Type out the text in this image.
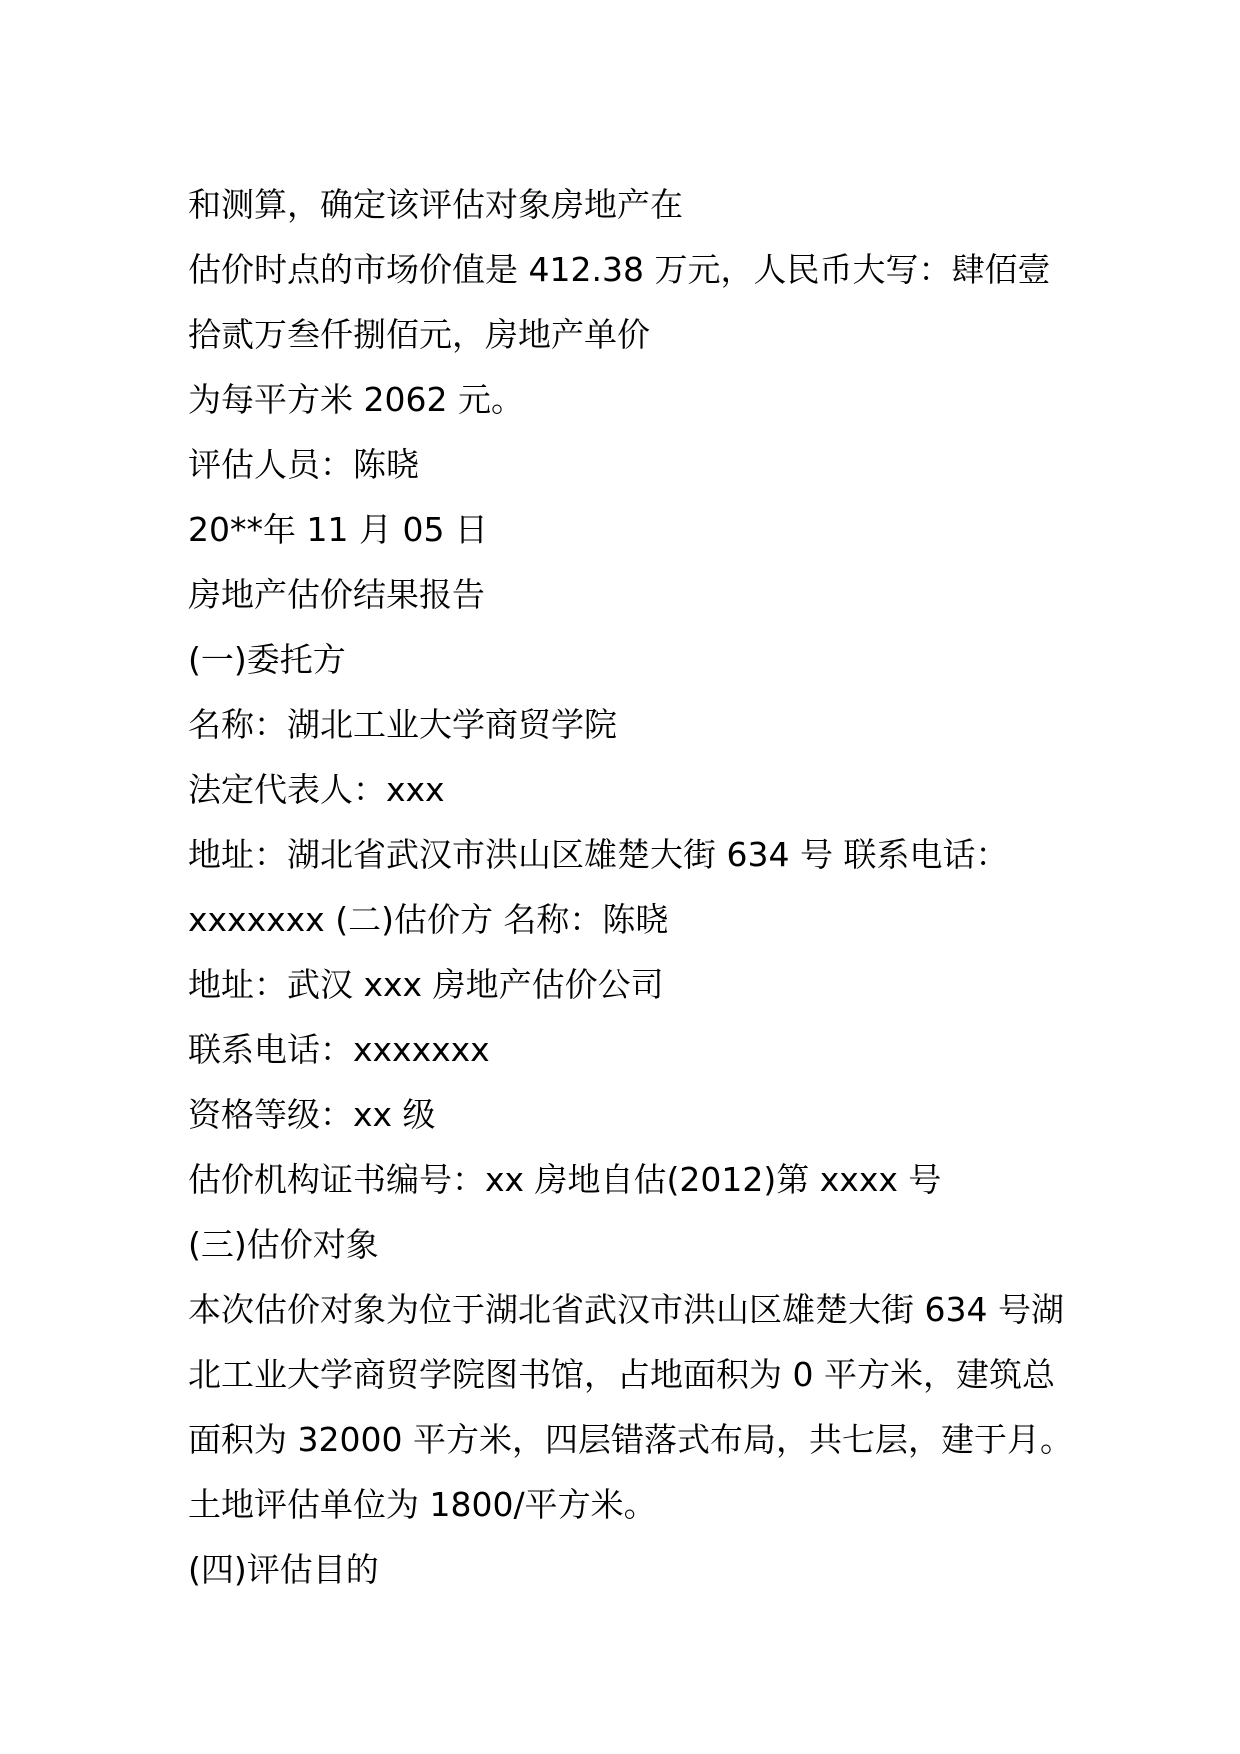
和测算，确定该评估对象房地产在

估价时点的市场价值是 412.38 万元，人民币大写：肆佰壹

拾贰万叁仟捌佰元，房地产单价

为每平方米 2062 元。

评估人员：陈晓

20**年 11 月 05 日

房地产估价结果报告

(一)委托方

名称：湖北工业大学商贸学院

法定代表人：xxx

地址：湖北省武汉市洪山区雄楚大街 634 号 联系电话：

xxxxxxx (二)估价方 名称：陈晓

地址：武汉 xxx 房地产估价公司

联系电话：xxxxxxx

资格等级：xx 级

估价机构证书编号：xx 房地自估(2012)第 xxxx 号

(三)估价对象

本次估价对象为位于湖北省武汉市洪山区雄楚大街 634 号湖

北工业大学商贸学院图书馆，占地面积为 0 平方米，建筑总

面积为 32000 平方米，四层错落式布局，共七层，建于月。

土地评估单位为 1800/平方米。

(四)评估目的
